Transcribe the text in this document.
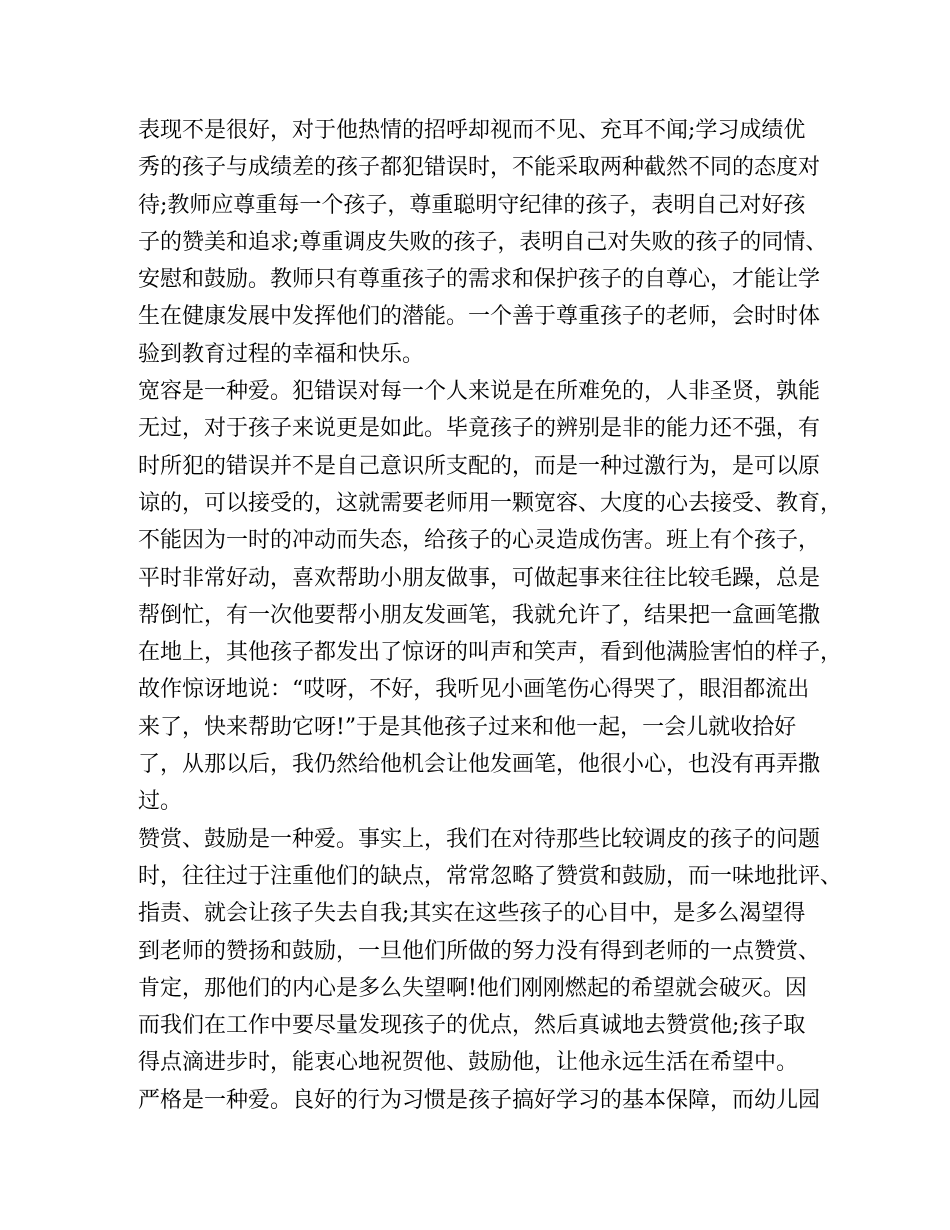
表现不是很好，对于他热情的招呼却视而不见、充耳不闻;学习成绩优
秀的孩子与成绩差的孩子都犯错误时，不能采取两种截然不同的态度对
待;教师应尊重每一个孩子，尊重聪明守纪律的孩子，表明自己对好孩
子的赞美和追求;尊重调皮失败的孩子，表明自己对失败的孩子的同情、
安慰和鼓励。教师只有尊重孩子的需求和保护孩子的自尊心，才能让学
生在健康发展中发挥他们的潜能。一个善于尊重孩子的老师，会时时体
验到教育过程的幸福和快乐。
宽容是一种爱。犯错误对每一个人来说是在所难免的，人非圣贤，孰能
无过，对于孩子来说更是如此。毕竟孩子的辨别是非的能力还不强，有
时所犯的错误并不是自己意识所支配的，而是一种过激行为，是可以原
谅的，可以接受的，这就需要老师用一颗宽容、大度的心去接受、教育，
不能因为一时的冲动而失态，给孩子的心灵造成伤害。班上有个孩子，
平时非常好动，喜欢帮助小朋友做事，可做起事来往往比较毛躁，总是
帮倒忙，有一次他要帮小朋友发画笔，我就允许了，结果把一盒画笔撒
在地上，其他孩子都发出了惊讶的叫声和笑声，看到他满脸害怕的样子，
故作惊讶地说：“哎呀，不好，我听见小画笔伤心得哭了，眼泪都流出
来了，快来帮助它呀!”于是其他孩子过来和他一起，一会儿就收拾好
了，从那以后，我仍然给他机会让他发画笔，他很小心，也没有再弄撒
过。
赞赏、鼓励是一种爱。事实上，我们在对待那些比较调皮的孩子的问题
时，往往过于注重他们的缺点，常常忽略了赞赏和鼓励，而一味地批评、
指责、就会让孩子失去自我;其实在这些孩子的心目中，是多么渴望得
到老师的赞扬和鼓励，一旦他们所做的努力没有得到老师的一点赞赏、
肯定，那他们的内心是多么失望啊!他们刚刚燃起的希望就会破灭。因
而我们在工作中要尽量发现孩子的优点，然后真诚地去赞赏他;孩子取
得点滴进步时，能衷心地祝贺他、鼓励他，让他永远生活在希望中。
严格是一种爱。良好的行为习惯是孩子搞好学习的基本保障，而幼儿园
